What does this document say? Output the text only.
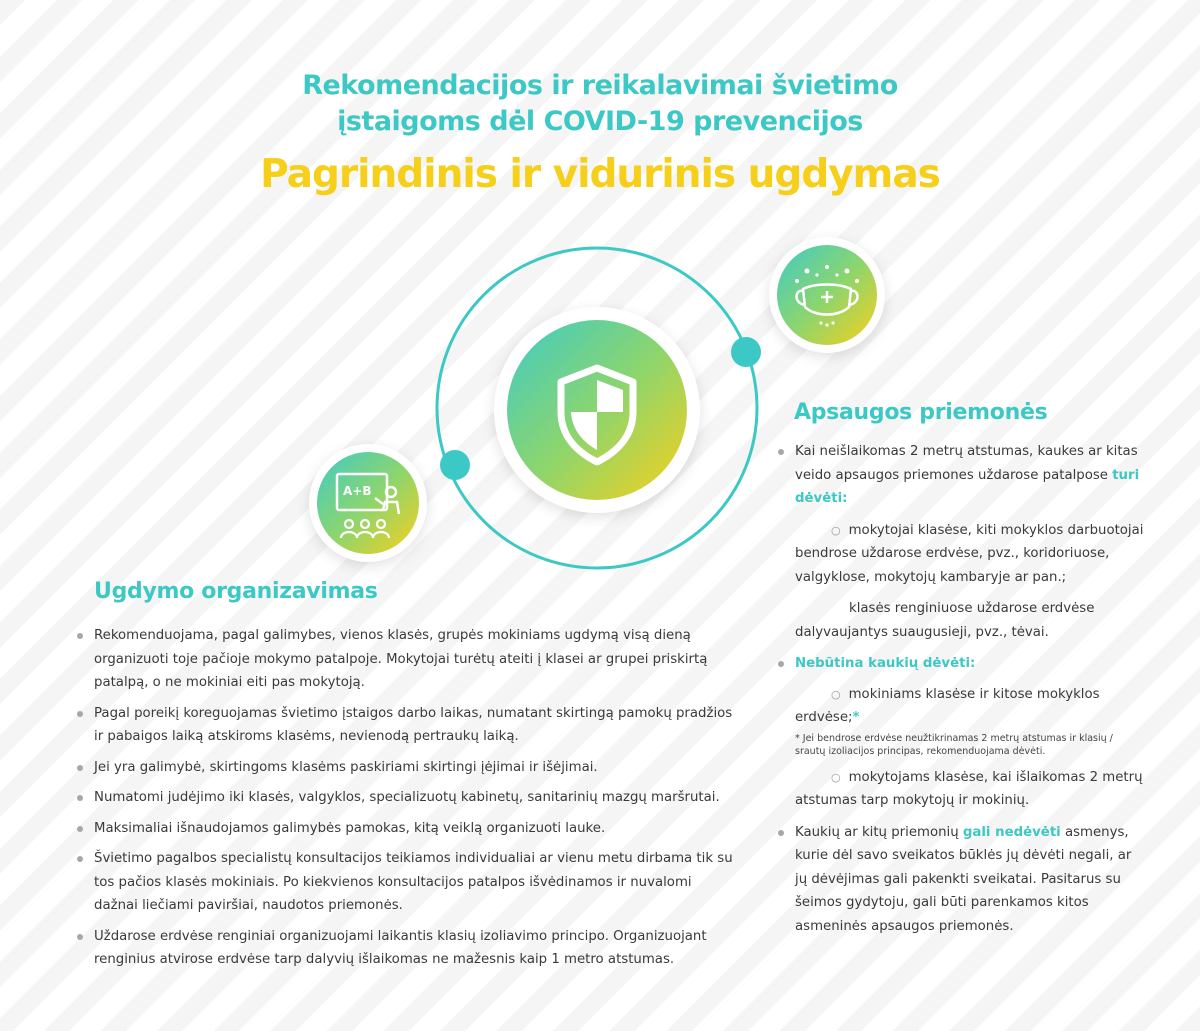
Rekomendacijos ir reikalavimai švietimo
įstaigoms dėl COVID-19 prevencijos
Pagrindinis ir vidurinis ugdymas
A+B
Ugdymo organizavimas
Rekomenduojama, pagal galimybes, vienos klasės, grupės mokiniams ugdymą visą dieną organizuoti toje pačioje mokymo patalpoje. Mokytojai turėtų ateiti į klasei ar grupei priskirtą patalpą, o ne mokiniai eiti pas mokytoją.
Pagal poreikį koreguojamas švietimo įstaigos darbo laikas, numatant skirtingą pamokų pradžios ir pabaigos laiką atskiroms klasėms, nevienodą pertraukų laiką.
Jei yra galimybė, skirtingoms klasėms paskiriami skirtingi įėjimai ir išėjimai.
Numatomi judėjimo iki klasės, valgyklos, specializuotų kabinetų, sanitarinių mazgų maršrutai.
Maksimaliai išnaudojamos galimybės pamokas, kitą veiklą organizuoti lauke.
Švietimo pagalbos specialistų konsultacijos teikiamos individualiai ar vienu metu dirbama tik su tos pačios klasės mokiniais. Po kiekvienos konsultacijos patalpos išvėdinamos ir nuvalomi dažnai liečiami paviršiai, naudotos priemonės.
Uždarose erdvėse renginiai organizuojami laikantis klasių izoliavimo principo. Organizuojant renginius atvirose erdvėse tarp dalyvių išlaikomas ne mažesnis kaip 1 metro atstumas.
Apsaugos priemonės
Kai neišlaikomas 2 metrų atstumas, kaukes ar kitas veido apsaugos priemones uždarose patalpose turi dėvėti:
○ mokytojai klasėse, kiti mokyklos darbuotojai bendrose uždarose erdvėse, pvz., koridoriuose, valgyklose, mokytojų kambaryje ar pan.;
klasės renginiuose uždarose erdvėse dalyvaujantys suaugusieji, pvz., tėvai.
Nebūtina kaukių dėvėti:
○ mokiniams klasėse ir kitose mokyklos erdvėse;*
* Jei bendrose erdvėse neužtikrinamas 2 metrų atstumas ir klasių / srautų izoliacijos principas, rekomenduojama dėvėti.
○ mokytojams klasėse, kai išlaikomas 2 metrų atstumas tarp mokytojų ir mokinių.
Kaukių ar kitų priemonių gali nedėvėti asmenys, kurie dėl savo sveikatos būklės jų dėvėti negali, ar jų dėvėjimas gali pakenkti sveikatai. Pasitarus su šeimos gydytoju, gali būti parenkamos kitos asmeninės apsaugos priemonės.
